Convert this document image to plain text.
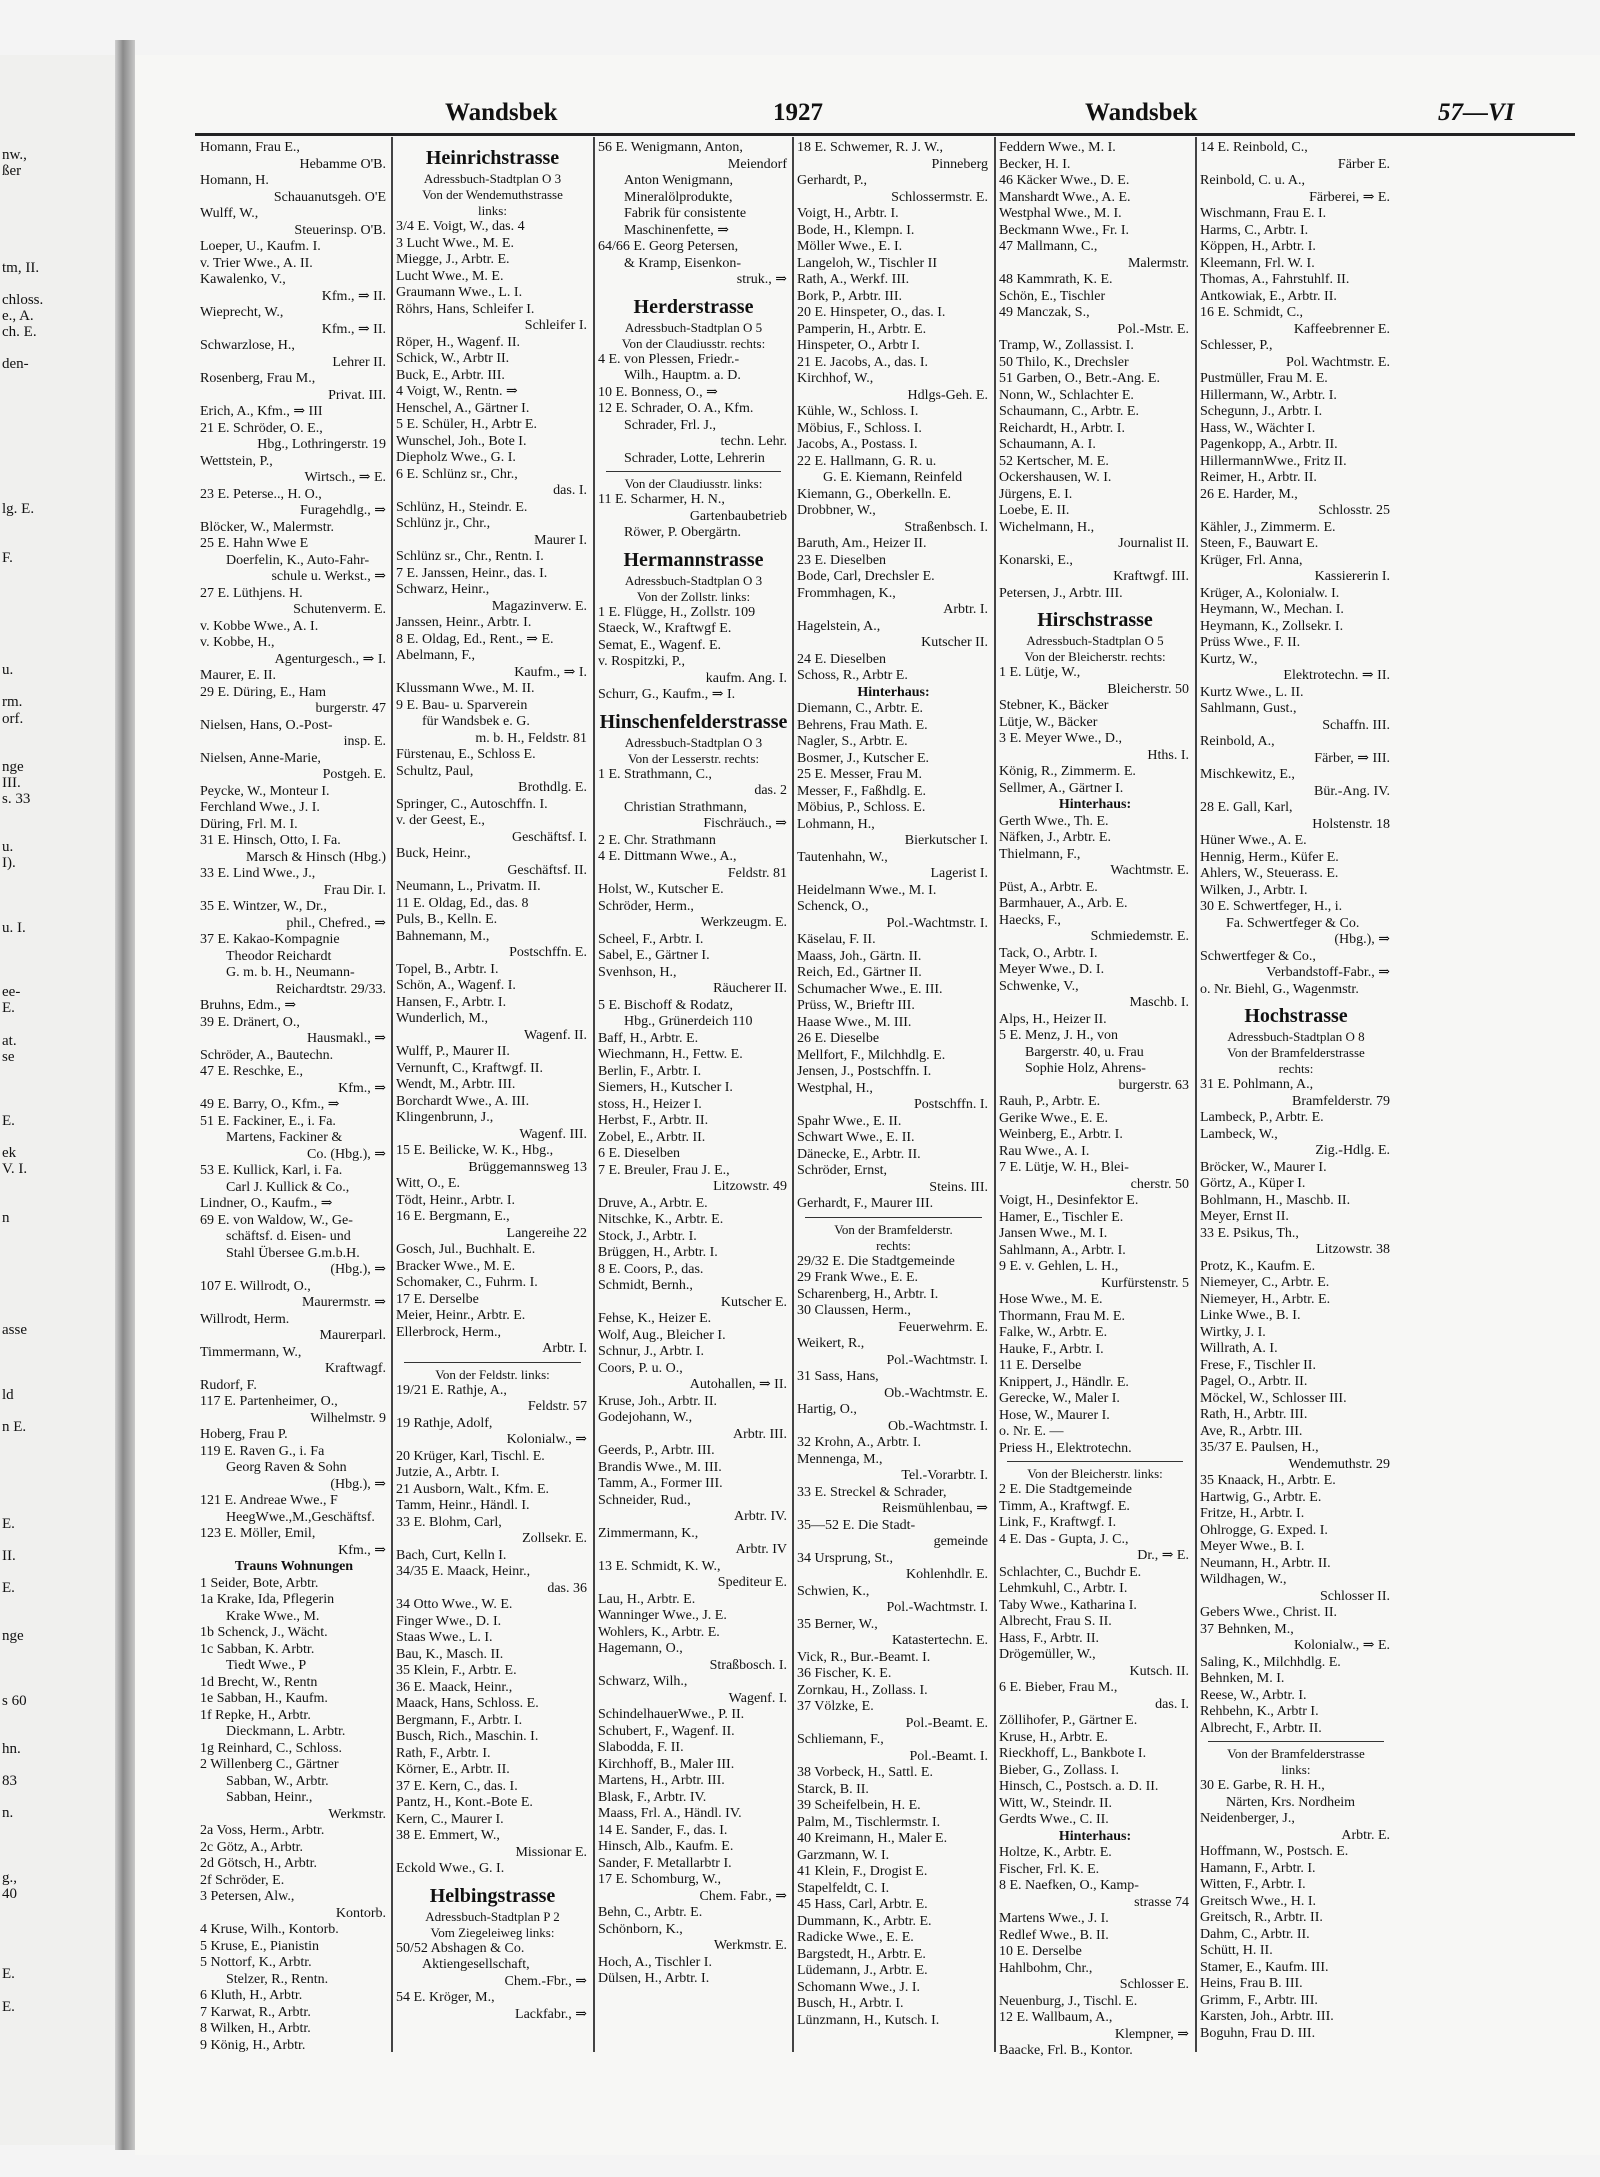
nw.,
ßer
tm, II.
chloss.
e., A.
ch. E.
den-
lg. E.
F.
u.
rm.
orf.
nge
III.
s. 33
u.
I).
u. I.
ee-
E.
at.
se
E.
ek
V. I.
n
asse
ld
n E.
E.
II.
E.
nge
s 60
hn.
83
n.
g.,
40
E.
E.
Wandsbek	1927	Wandsbek	57—VI
Homann, Frau E.,
Hebamme O'B.
Homann, H.
Schauanutsgeh. O'E
Wulff, W.,
Steuerinsp. O'B.
Loeper, U., Kaufm. I.
v. Trier Wwe., A. II.
Kawalenko, V.,
Kfm., ⇒ II.
Wieprecht, W.,
Kfm., ⇒ II.
Schwarzlose, H.,
Lehrer II.
Rosenberg, Frau M.,
Privat. III.
Erich, A., Kfm., ⇒ III
21 E. Schröder, O. E.,
Hbg., Lothringerstr. 19
Wettstein, P.,
Wirtsch., ⇒ E.
23 E. Peterse.., H. O.,
Furagehdlg., ⇒
Blöcker, W., Malermstr.
25 E. Hahn Wwe E
Doerfelin, K., Auto-Fahr-
schule u. Werkst., ⇒
27 E. Lüthjens. H.
Schutenverm. E.
v. Kobbe Wwe., A. I.
v. Kobbe, H.,
Agenturgesch., ⇒ I.
Maurer, E. II.
29 E. Düring, E., Ham
burgerstr. 47
Nielsen, Hans, O.-Post-
insp. E.
Nielsen, Anne-Marie,
Postgeh. E.
Peycke, W., Monteur I.
Ferchland Wwe., J. I.
Düring, Frl. M. I.
31 E. Hinsch, Otto, I. Fa.
Marsch & Hinsch (Hbg.)
33 E. Lind Wwe., J.,
Frau Dir. I.
35 E. Wintzer, W., Dr.,
phil., Chefred., ⇒
37 E. Kakao-Kompagnie
Theodor Reichardt
G. m. b. H., Neumann-
Reichardtstr. 29/33.
Bruhns, Edm., ⇒
39 E. Dränert, O.,
Hausmakl., ⇒
Schröder, A., Bautechn.
47 E. Reschke, E.,
Kfm., ⇒
49 E. Barry, O., Kfm., ⇒
51 E. Fackiner, E., i. Fa.
Martens, Fackiner &
Co. (Hbg.), ⇒
53 E. Kullick, Karl, i. Fa.
Carl J. Kullick & Co.,
Lindner, O., Kaufm., ⇒
69 E. von Waldow, W., Ge-
schäftsf. d. Eisen- und
Stahl Übersee G.m.b.H.
(Hbg.), ⇒
107 E. Willrodt, O.,
Maurermstr. ⇒
Willrodt, Herm.
Maurerparl.
Timmermann, W.,
Kraftwagf.
Rudorf, F.
117 E. Partenheimer, O.,
Wilhelmstr. 9
Hoberg, Frau P.
119 E. Raven G., i. Fa
Georg Raven & Sohn
(Hbg.), ⇒
121 E. Andreae Wwe., F
HeegWwe.,M.,Geschäftsf.
123 E. Möller, Emil,
Kfm., ⇒
Trauns Wohnungen
1 Seider, Bote, Arbtr.
1a Krake, Ida, Pflegerin
Krake Wwe., M.
1b Schenck, J., Wächt.
1c Sabban, K. Arbtr.
Tiedt Wwe., P
1d Brecht, W., Rentn
1e Sabban, H., Kaufm.
1f Repke, H., Arbtr.
Dieckmann, L. Arbtr.
1g Reinhard, C., Schloss.
2 Willenberg C., Gärtner
Sabban, W., Arbtr.
Sabban, Heinr.,
Werkmstr.
2a Voss, Herm., Arbtr.
2c Götz, A., Arbtr.
2d Götsch, H., Arbtr.
2f Schröder, E.
3 Petersen, Alw.,
Kontorb.
4 Kruse, Wilh., Kontorb.
5 Kruse, E., Pianistin
5 Nottorf, K., Arbtr.
Stelzer, R., Rentn.
6 Kluth, H., Arbtr.
7 Karwat, R., Arbtr.
8 Wilken, H., Arbtr.
9 König, H., Arbtr.
Heinrichstrasse
Adressbuch-Stadtplan O 3
Von der Wendemuthstrasse
links:
3/4 E. Voigt, W., das. 4
3 Lucht Wwe., M. E.
Miegge, J., Arbtr. E.
Lucht Wwe., M. E.
Graumann Wwe., L. I.
Röhrs, Hans, Schleifer I.
Schleifer I.
Röper, H., Wagenf. II.
Schick, W., Arbtr II.
Buck, E., Arbtr. III.
4 Voigt, W., Rentn. ⇒
Henschel, A., Gärtner I.
5 E. Schüler, H., Arbtr E.
Wunschel, Joh., Bote I.
Diepholz Wwe., G. I.
6 E. Schlünz sr., Chr.,
das. I.
Schlünz, H., Steindr. E.
Schlünz jr., Chr.,
Maurer I.
Schlünz sr., Chr., Rentn. I.
7 E. Janssen, Heinr., das. I.
Schwarz, Heinr.,
Magazinverw. E.
Janssen, Heinr., Arbtr. I.
8 E. Oldag, Ed., Rent., ⇒ E.
Abelmann, F.,
Kaufm., ⇒ I.
Klussmann Wwe., M. II.
9 E. Bau- u. Sparverein
für Wandsbek e. G.
m. b. H., Feldstr. 81
Fürstenau, E., Schloss E.
Schultz, Paul,
Brothdlg. E.
Springer, C., Autoschffn. I.
v. der Geest, E.,
Geschäftsf. I.
Buck, Heinr.,
Geschäftsf. II.
Neumann, L., Privatm. II.
11 E. Oldag, Ed., das. 8
Puls, B., Kelln. E.
Bahnemann, M.,
Postschffn. E.
Topel, B., Arbtr. I.
Schön, A., Wagenf. I.
Hansen, F., Arbtr. I.
Wunderlich, M.,
Wagenf. II.
Wulff, P., Maurer II.
Vernunft, C., Kraftwgf. II.
Wendt, M., Arbtr. III.
Borchardt Wwe., A. III.
Klingenbrunn, J.,
Wagenf. III.
15 E. Beilicke, W. K., Hbg.,
Brüggemannsweg 13
Witt, O., E.
Tödt, Heinr., Arbtr. I.
16 E. Bergmann, E.,
Langereihe 22
Gosch, Jul., Buchhalt. E.
Bracker Wwe., M. E.
Schomaker, C., Fuhrm. I.
17 E. Derselbe
Meier, Heinr., Arbtr. E.
Ellerbrock, Herm.,
Arbtr. I.
Von der Feldstr. links:
19/21 E. Rathje, A.,
Feldstr. 57
19 Rathje, Adolf,
Kolonialw., ⇒
20 Krüger, Karl, Tischl. E.
Jutzie, A., Arbtr. I.
21 Ausborn, Walt., Kfm. E.
Tamm, Heinr., Händl. I.
33 E. Blohm, Carl,
Zollsekr. E.
Bach, Curt, Kelln I.
34/35 E. Maack, Heinr.,
das. 36
34 Otto Wwe., W. E.
Finger Wwe., D. I.
Staas Wwe., L. I.
Bau, K., Masch. II.
35 Klein, F., Arbtr. E.
36 E. Maack, Heinr.,
Maack, Hans, Schloss. E.
Bergmann, F., Arbtr. I.
Busch, Rich., Maschin. I.
Rath, F., Arbtr. I.
Körner, E., Arbtr. II.
37 E. Kern, C., das. I.
Pantz, H., Kont.-Bote E.
Kern, C., Maurer I.
38 E. Emmert, W.,
Missionar E.
Eckold Wwe., G. I.
Helbingstrasse
Adressbuch-Stadtplan P 2
Vom Ziegeleiweg links:
50/52 Abshagen & Co.
Aktiengesellschaft,
Chem.-Fbr., ⇒
54 E. Kröger, M.,
Lackfabr., ⇒
56 E. Wenigmann, Anton,
Meiendorf
Anton Wenigmann,
Mineralölprodukte,
Fabrik für consistente
Maschinenfette, ⇒
64/66 E. Georg Petersen,
& Kramp, Eisenkon-
struk., ⇒
Herderstrasse
Adressbuch-Stadtplan O 5
Von der Claudiusstr. rechts:
4 E. von Plessen, Friedr.-
Wilh., Hauptm. a. D.
10 E. Bonness, O., ⇒
12 E. Schrader, O. A., Kfm.
Schrader, Frl. J.,
techn. Lehr.
Schrader, Lotte, Lehrerin
Von der Claudiusstr. links:
11 E. Scharmer, H. N.,
Gartenbaubetrieb
Röwer, P. Obergärtn.
Hermannstrasse
Adressbuch-Stadtplan O 3
Von der Zollstr. links:
1 E. Flügge, H., Zollstr. 109
Staeck, W., Kraftwgf E.
Semat, E., Wagenf. E.
v. Rospitzki, P.,
kaufm. Ang. I.
Schurr, G., Kaufm., ⇒ I.
Hinschenfelderstrasse
Adressbuch-Stadtplan O 3
Von der Lesserstr. rechts:
1 E. Strathmann, C.,
das. 2
Christian Strathmann,
Fischräuch., ⇒
2 E. Chr. Strathmann
4 E. Dittmann Wwe., A.,
Feldstr. 81
Holst, W., Kutscher E.
Schröder, Herm.,
Werkzeugm. E.
Scheel, F., Arbtr. I.
Sabel, E., Gärtner I.
Svenhson, H.,
Räucherer II.
5 E. Bischoff & Rodatz,
Hbg., Grünerdeich 110
Baff, H., Arbtr. E.
Wiechmann, H., Fettw. E.
Berlin, F., Arbtr. I.
Siemers, H., Kutscher I.
stoss, H., Heizer I.
Herbst, F., Arbtr. II.
Zobel, E., Arbtr. II.
6 E. Dieselben
7 E. Breuler, Frau J. E.,
Litzowstr. 49
Druve, A., Arbtr. E.
Nitschke, K., Arbtr. E.
Stock, J., Arbtr. I.
Brüggen, H., Arbtr. I.
8 E. Coors, P., das.
Schmidt, Bernh.,
Kutscher E.
Fehse, K., Heizer E.
Wolf, Aug., Bleicher I.
Schnur, J., Arbtr. I.
Coors, P. u. O.,
Autohallen, ⇒ II.
Kruse, Joh., Arbtr. II.
Godejohann, W.,
Arbtr. III.
Geerds, P., Arbtr. III.
Brandis Wwe., M. III.
Tamm, A., Former III.
Schneider, Rud.,
Arbtr. IV.
Zimmermann, K.,
Arbtr. IV
13 E. Schmidt, K. W.,
Spediteur E.
Lau, H., Arbtr. E.
Wanninger Wwe., J. E.
Wohlers, K., Arbtr. E.
Hagemann, O.,
Straßbosch. I.
Schwarz, Wilh.,
Wagenf. I.
SchindelhauerWwe., P. II.
Schubert, F., Wagenf. II.
Slabodda, F. II.
Kirchhoff, B., Maler III.
Martens, H., Arbtr. III.
Blask, F., Arbtr. IV.
Maass, Frl. A., Händl. IV.
14 E. Sander, F., das. I.
Hinsch, Alb., Kaufm. E.
Sander, F. Metallarbtr I.
17 E. Schomburg, W.,
Chem. Fabr., ⇒
Behn, C., Arbtr. E.
Schönborn, K.,
Werkmstr. E.
Hoch, A., Tischler I.
Dülsen, H., Arbtr. I.
18 E. Schwemer, R. J. W.,
Pinneberg
Gerhardt, P.,
Schlossermstr. E.
Voigt, H., Arbtr. I.
Bode, H., Klempn. I.
Möller Wwe., E. I.
Langeloh, W., Tischler II
Rath, A., Werkf. III.
Bork, P., Arbtr. III.
20 E. Hinspeter, O., das. I.
Pamperin, H., Arbtr. E.
Hinspeter, O., Arbtr I.
21 E. Jacobs, A., das. I.
Kirchhof, W.,
Hdlgs-Geh. E.
Kühle, W., Schloss. I.
Möbius, F., Schloss. I.
Jacobs, A., Postass. I.
22 E. Hallmann, G. R. u.
G. E. Kiemann, Reinfeld
Kiemann, G., Oberkelln. E.
Drobbner, W.,
Straßenbsch. I.
Baruth, Am., Heizer II.
23 E. Dieselben
Bode, Carl, Drechsler E.
Frommhagen, K.,
Arbtr. I.
Hagelstein, A.,
Kutscher II.
24 E. Dieselben
Schoss, R., Arbtr E.
Hinterhaus:
Diemann, C., Arbtr. E.
Behrens, Frau Math. E.
Nagler, S., Arbtr. E.
Bosmer, J., Kutscher E.
25 E. Messer, Frau M.
Messer, F., Faßhdlg. E.
Möbius, P., Schloss. E.
Lohmann, H.,
Bierkutscher I.
Tautenhahn, W.,
Lagerist I.
Heidelmann Wwe., M. I.
Schenck, O.,
Pol.-Wachtmstr. I.
Käselau, F. II.
Maass, Joh., Gärtn. II.
Reich, Ed., Gärtner II.
Schumacher Wwe., E. III.
Prüss, W., Brieftr III.
Haase Wwe., M. III.
26 E. Dieselbe
Mellfort, F., Milchhdlg. E.
Jensen, J., Postschffn. I.
Westphal, H.,
Postschffn. I.
Spahr Wwe., E. II.
Schwart Wwe., E. II.
Dänecke, E., Arbtr. II.
Schröder, Ernst,
Steins. III.
Gerhardt, F., Maurer III.
Von der Bramfelderstr.
rechts:
29/32 E. Die Stadtgemeinde
29 Frank Wwe., E. E.
Scharenberg, H., Arbtr. I.
30 Claussen, Herm.,
Feuerwehrm. E.
Weikert, R.,
Pol.-Wachtmstr. I.
31 Sass, Hans,
Ob.-Wachtmstr. E.
Hartig, O.,
Ob.-Wachtmstr. I.
32 Krohn, A., Arbtr. I.
Mennenga, M.,
Tel.-Vorarbtr. I.
33 E. Streckel & Schrader,
Reismühlenbau, ⇒
35—52 E. Die Stadt-
gemeinde
34 Ursprung, St.,
Kohlenhdlr. E.
Schwien, K.,
Pol.-Wachtmstr. I.
35 Berner, W.,
Katastertechn. E.
Vick, R., Bur.-Beamt. I.
36 Fischer, K. E.
Zornkau, H., Zollass. I.
37 Völzke, E.
Pol.-Beamt. E.
Schliemann, F.,
Pol.-Beamt. I.
38 Vorbeck, H., Sattl. E.
Starck, B. II.
39 Scheifelbein, H. E.
Palm, M., Tischlermstr. I.
40 Kreimann, H., Maler E.
Garzmann, W. I.
41 Klein, F., Drogist E.
Stapelfeldt, C. I.
45 Hass, Carl, Arbtr. E.
Dummann, K., Arbtr. E.
Radicke Wwe., E. E.
Bargstedt, H., Arbtr. E.
Lüdemann, J., Arbtr. E.
Schomann Wwe., J. I.
Busch, H., Arbtr. I.
Lünzmann, H., Kutsch. I.
Feddern Wwe., M. I.
Becker, H. I.
46 Käcker Wwe., D. E.
Manshardt Wwe., A. E.
Westphal Wwe., M. I.
Beckmann Wwe., Fr. I.
47 Mallmann, C.,
Malermstr.
48 Kammrath, K. E.
Schön, E., Tischler
49 Manczak, S.,
Pol.-Mstr. E.
Tramp, W., Zollassist. I.
50 Thilo, K., Drechsler
51 Garben, O., Betr.-Ang. E.
Nonn, W., Schlachter E.
Schaumann, C., Arbtr. E.
Reichardt, H., Arbtr. I.
Schaumann, A. I.
52 Kertscher, M. E.
Ockershausen, W. I.
Jürgens, E. I.
Loebe, E. II.
Wichelmann, H.,
Journalist II.
Konarski, E.,
Kraftwgf. III.
Petersen, J., Arbtr. III.
Hirschstrasse
Adressbuch-Stadtplan O 5
Von der Bleicherstr. rechts:
1 E. Lütje, W.,
Bleicherstr. 50
Stebner, K., Bäcker
Lütje, W., Bäcker
3 E. Meyer Wwe., D.,
Hths. I.
König, R., Zimmerm. E.
Sellmer, A., Gärtner I.
Hinterhaus:
Gerth Wwe., Th. E.
Näfken, J., Arbtr. E.
Thielmann, F.,
Wachtmstr. E.
Püst, A., Arbtr. E.
Barmhauer, A., Arb. E.
Haecks, F.,
Schmiedemstr. E.
Tack, O., Arbtr. I.
Meyer Wwe., D. I.
Schwenke, V.,
Maschb. I.
Alps, H., Heizer II.
5 E. Menz, J. H., von
Bargerstr. 40, u. Frau
Sophie Holz, Ahrens-
burgerstr. 63
Rauh, P., Arbtr. E.
Gerike Wwe., E. E.
Weinberg, E., Arbtr. I.
Rau Wwe., A. I.
7 E. Lütje, W. H., Blei-
cherstr. 50
Voigt, H., Desinfektor E.
Hamer, E., Tischler E.
Jansen Wwe., M. I.
Sahlmann, A., Arbtr. I.
9 E. v. Gehlen, L. H.,
Kurfürstenstr. 5
Hose Wwe., M. E.
Thormann, Frau M. E.
Falke, W., Arbtr. E.
Hauke, F., Arbtr. I.
11 E. Derselbe
Knippert, J., Händlr. E.
Gerecke, W., Maler I.
Hose, W., Maurer I.
o. Nr. E. —
Priess H., Elektrotechn.
Von der Bleicherstr. links:
2 E. Die Stadtgemeinde
Timm, A., Kraftwgf. E.
Link, F., Kraftwgf. I.
4 E. Das - Gupta, J. C.,
Dr., ⇒ E.
Schlachter, C., Buchdr E.
Lehmkuhl, C., Arbtr. I.
Taby Wwe., Katharina I.
Albrecht, Frau S. II.
Hass, F., Arbtr. II.
Drögemüller, W.,
Kutsch. II.
6 E. Bieber, Frau M.,
das. I.
Zöllihofer, P., Gärtner E.
Kruse, H., Arbtr. E.
Rieckhoff, L., Bankbote I.
Bieber, G., Zollass. I.
Hinsch, C., Postsch. a. D. II.
Witt, W., Steindr. II.
Gerdts Wwe., C. II.
Hinterhaus:
Holtze, K., Arbtr. E.
Fischer, Frl. K. E.
8 E. Naefken, O., Kamp-
strasse 74
Martens Wwe., J. I.
Redlef Wwe., B. II.
10 E. Derselbe
Hahlbohm, Chr.,
Schlosser E.
Neuenburg, J., Tischl. E.
12 E. Wallbaum, A.,
Klempner, ⇒
Baacke, Frl. B., Kontor.
14 E. Reinbold, C.,
Färber E.
Reinbold, C. u. A.,
Färberei, ⇒ E.
Wischmann, Frau E. I.
Harms, C., Arbtr. I.
Köppen, H., Arbtr. I.
Kleemann, Frl. W. I.
Thomas, A., Fahrstuhlf. II.
Antkowiak, E., Arbtr. II.
16 E. Schmidt, C.,
Kaffeebrenner E.
Schlesser, P.,
Pol. Wachtmstr. E.
Pustmüller, Frau M. E.
Hillermann, W., Arbtr. I.
Schegunn, J., Arbtr. I.
Hass, W., Wächter I.
Pagenkopp, A., Arbtr. II.
HillermannWwe., Fritz II.
Reimer, H., Arbtr. II.
26 E. Harder, M.,
Schlosstr. 25
Kähler, J., Zimmerm. E.
Steen, F., Bauwart E.
Krüger, Frl. Anna,
Kassiererin I.
Krüger, A., Kolonialw. I.
Heymann, W., Mechan. I.
Heymann, K., Zollsekr. I.
Prüss Wwe., F. II.
Kurtz, W.,
Elektrotechn. ⇒ II.
Kurtz Wwe., L. II.
Sahlmann, Gust.,
Schaffn. III.
Reinbold, A.,
Färber, ⇒ III.
Mischkewitz, E.,
Bür.-Ang. IV.
28 E. Gall, Karl,
Holstenstr. 18
Hüner Wwe., A. E.
Hennig, Herm., Küfer E.
Ahlers, W., Steuerass. E.
Wilken, J., Arbtr. I.
30 E. Schwertfeger, H., i.
Fa. Schwertfeger & Co.
(Hbg.), ⇒
Schwertfeger & Co.,
Verbandstoff-Fabr., ⇒
o. Nr. Biehl, G., Wagenmstr.
Hochstrasse
Adressbuch-Stadtplan O 8
Von der Bramfelderstrasse
rechts:
31 E. Pohlmann, A.,
Bramfelderstr. 79
Lambeck, P., Arbtr. E.
Lambeck, W.,
Zig.-Hdlg. E.
Bröcker, W., Maurer I.
Görtz, A., Küper I.
Bohlmann, H., Maschb. II.
Meyer, Ernst II.
33 E. Psikus, Th.,
Litzowstr. 38
Protz, K., Kaufm. E.
Niemeyer, C., Arbtr. E.
Niemeyer, H., Arbtr. E.
Linke Wwe., B. I.
Wirtky, J. I.
Willrath, A. I.
Frese, F., Tischler II.
Pagel, O., Arbtr. II.
Möckel, W., Schlosser III.
Rath, H., Arbtr. III.
Ave, R., Arbtr. III.
35/37 E. Paulsen, H.,
Wendemuthstr. 29
35 Knaack, H., Arbtr. E.
Hartwig, G., Arbtr. E.
Fritze, H., Arbtr. I.
Ohlrogge, G. Exped. I.
Meyer Wwe., B. I.
Neumann, H., Arbtr. II.
Wildhagen, W.,
Schlosser II.
Gebers Wwe., Christ. II.
37 Behnken, M.,
Kolonialw., ⇒ E.
Saling, K., Milchhdlg. E.
Behnken, M. I.
Reese, W., Arbtr. I.
Rehbehn, K., Arbtr I.
Albrecht, F., Arbtr. II.
Von der Bramfelderstrasse
links:
30 E. Garbe, R. H. H.,
Närten, Krs. Nordheim
Neidenberger, J.,
Arbtr. E.
Hoffmann, W., Postsch. E.
Hamann, F., Arbtr. I.
Witten, F., Arbtr. I.
Greitsch Wwe., H. I.
Greitsch, R., Arbtr. II.
Dahm, C., Arbtr. II.
Schütt, H. II.
Stamer, E., Kaufm. III.
Heins, Frau B. III.
Grimm, F., Arbtr. III.
Karsten, Joh., Arbtr. III.
Boguhn, Frau D. III.
